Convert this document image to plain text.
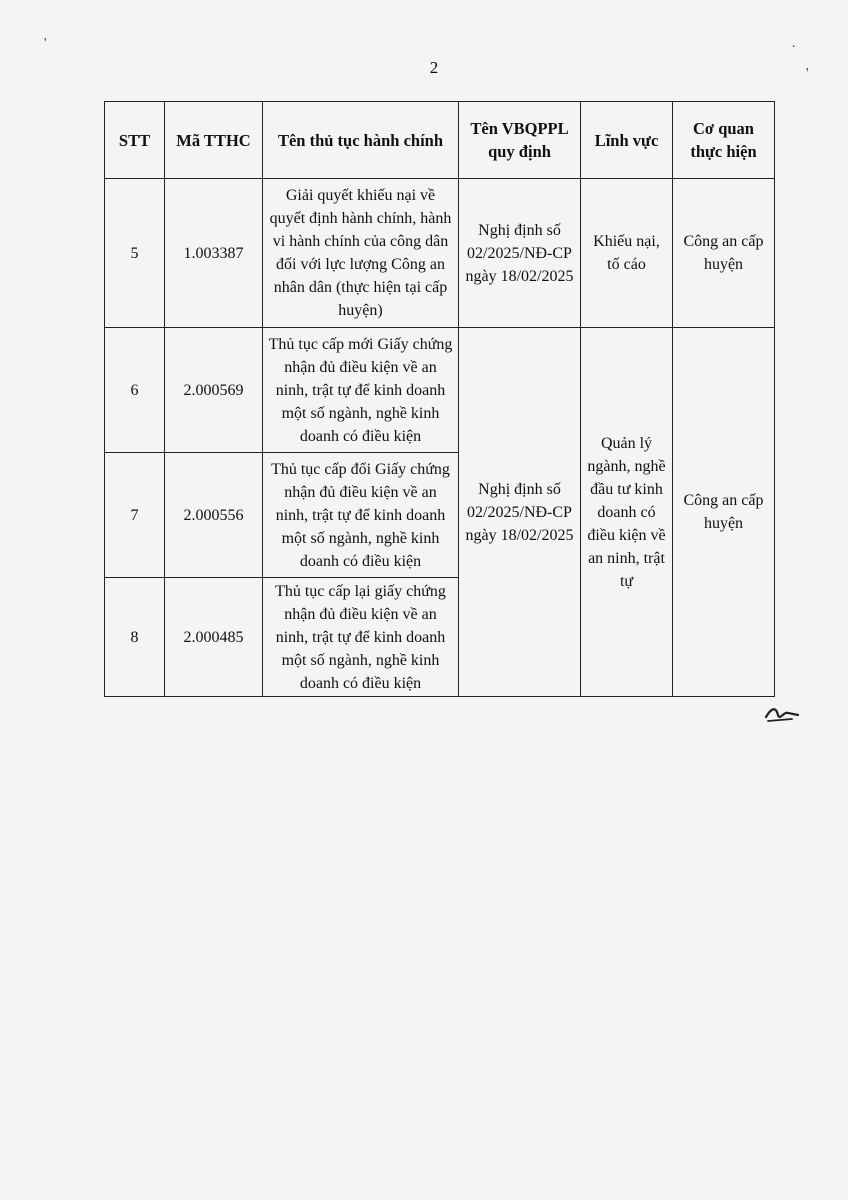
2
'	.
'
STT	Mã TTHC	Tên thủ tục hành chính	Tên VBQPPL quy định	Lĩnh vực	Cơ quan thực hiện
5	1.003387	Giải quyết khiếu nại về quyết định hành chính, hành vi hành chính của công dân đối với lực lượng Công an nhân dân (thực hiện tại cấp huyện)	Nghị định số 02/2025/NĐ-CP ngày 18/02/2025	Khiếu nại, tố cáo	Công an cấp huyện
6	2.000569	Thủ tục cấp mới Giấy chứng nhận đủ điều kiện về an ninh, trật tự để kinh doanh một số ngành, nghề kinh doanh có điều kiện	Nghị định số 02/2025/NĐ-CP ngày 18/02/2025	Quản lý ngành, nghề đầu tư kinh doanh có điều kiện về an ninh, trật tự	Công an cấp huyện
7	2.000556	Thủ tục cấp đổi Giấy chứng nhận đủ điều kiện về an ninh, trật tự để kinh doanh một số ngành, nghề kinh doanh có điều kiện			
8	2.000485	Thủ tục cấp lại giấy chứng nhận đủ điều kiện về an ninh, trật tự để kinh doanh một số ngành, nghề kinh doanh có điều kiện			
